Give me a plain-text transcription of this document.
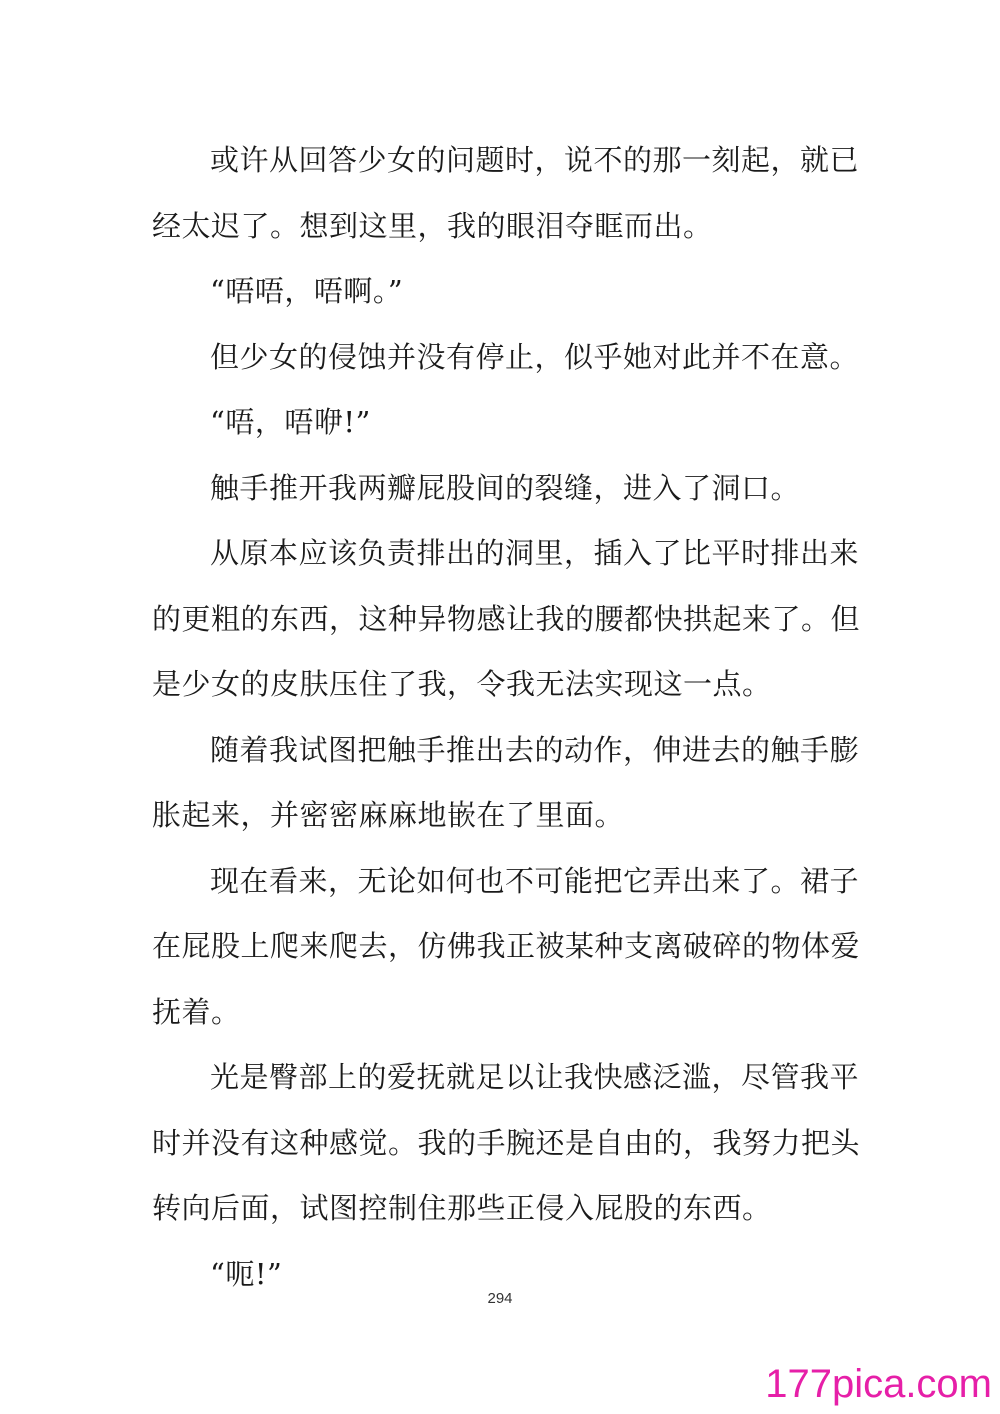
或许从回答少女的问题时，说不的那一刻起，就已经太迟了。想到这里，我的眼泪夺眶而出。

“唔唔，唔啊。”

但少女的侵蚀并没有停止，似乎她对此并不在意。

“唔，唔咿!”

触手推开我两瓣屁股间的裂缝，进入了洞口。

从原本应该负责排出的洞里，插入了比平时排出来的更粗的东西，这种异物感让我的腰都快拱起来了。但是少女的皮肤压住了我，令我无法实现这一点。

随着我试图把触手推出去的动作，伸进去的触手膨胀起来，并密密麻麻地嵌在了里面。

现在看来，无论如何也不可能把它弄出来了。裙子在屁股上爬来爬去，仿佛我正被某种支离破碎的物体爱抚着。

光是臀部上的爱抚就足以让我快感泛滥，尽管我平时并没有这种感觉。我的手腕还是自由的，我努力把头转向后面，试图控制住那些正侵入屁股的东西。

“呃!”

294
177pica.com
